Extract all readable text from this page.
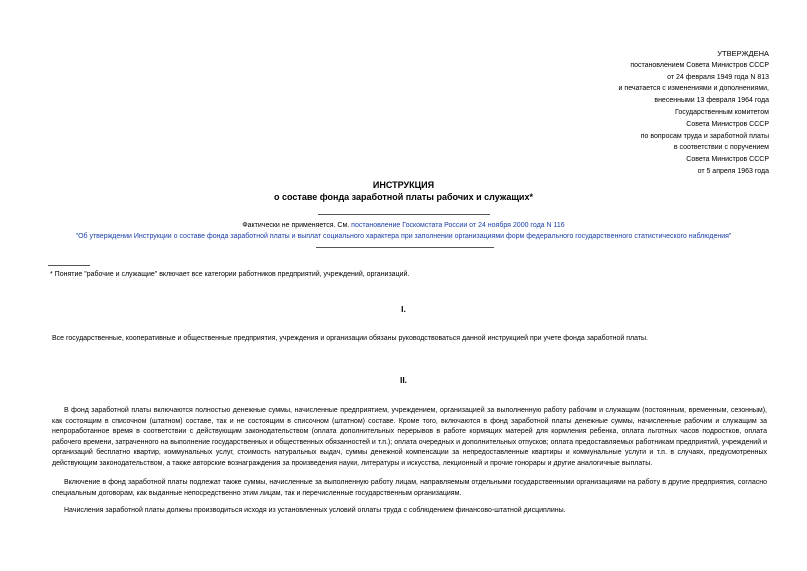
УТВЕРЖДЕНА
постановлением Совета Министров СССР
от 24 февраля 1949 года N 813
и печатается с изменениями и дополнениями,
внесенными 13 февраля 1964 года
Государственным комитетом
Совета Министров СССР
по вопросам труда и заработной платы
в соответствии с поручением
Совета Министров СССР
от 5 апреля 1963 года
ИНСТРУКЦИЯ
о составе фонда заработной платы рабочих и служащих*
Фактически не применяется. См. постановление Госкомстата России от 24 ноября 2000 года N 116
"Об утверждении Инструкции о составе фонда заработной платы и выплат социального характера при заполнении организациями форм федерального государственного статистического наблюдения"
* Понятие "рабочие и служащие" включает все категории работников предприятий, учреждений, организаций.
I.
Все государственные, кооперативные и общественные предприятия, учреждения и организации обязаны руководствоваться данной инструкцией при учете фонда заработной платы.
II.
В фонд заработной платы включаются полностью денежные суммы, начисленные предприятием, учреждением, организацией за выполненную работу рабочим и служащим (постоянным, временным, сезонным), как состоящим в списочном (штатном) составе, так и не состоящим в списочном (штатном) составе. Кроме того, включаются в фонд заработной платы денежные суммы, начисленные рабочим и служащим за непроработанное время в соответствии с действующим законодательством (оплата дополнительных перерывов в работе кормящих матерей для кормления ребенка, оплата льготных часов подростков, оплата рабочего времени, затраченного на выполнение государственных и общественных обязанностей и т.п.); оплата очередных и дополнительных отпусков; оплата предоставляемых работникам предприятий, учреждений и организаций бесплатно квартир, коммунальных услуг, стоимость натуральных выдач, суммы денежной компенсации за непредоставленные квартиры и коммунальные услуги и т.п. в случаях, предусмотренных действующим законодательством, а также авторские вознаграждения за произведения науки, литературы и искусства, лекционный и прочие гонорары и другие аналогичные выплаты.
Включение в фонд заработной платы подлежат также суммы, начисленные за выполненную работу лицам, направляемым отдельными государственными организациями на работу в другие предприятия, согласно специальным договорам, как выданные непосредственно этим лицам, так и перечисленные государственным организациям.
Начисления заработной платы должны производиться исходя из установленных условий оплаты труда с соблюдением финансово-штатной дисциплины.
